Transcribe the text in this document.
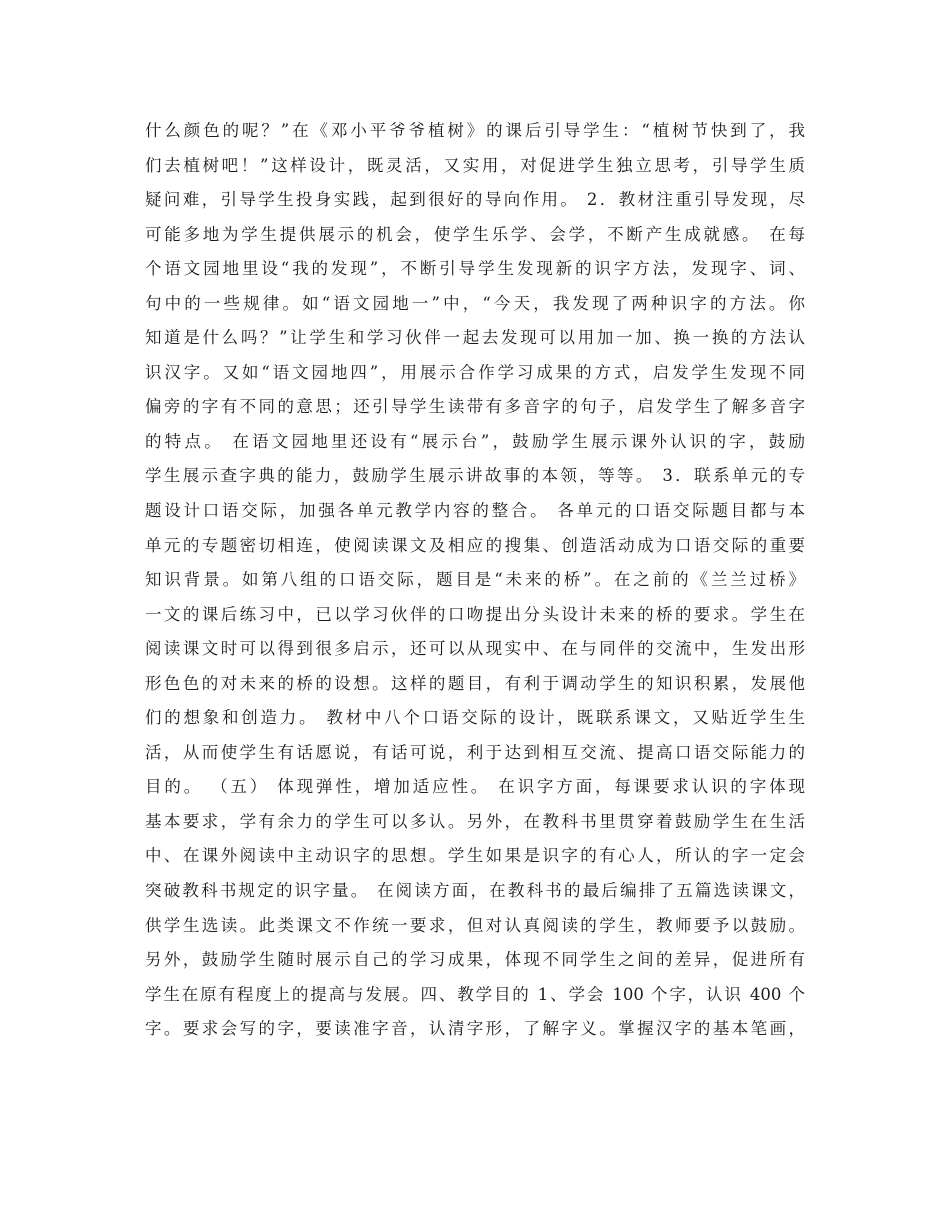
什么颜色的呢？”在《邓小平爷爷植树》的课后引导学生：“植树节快到了，我
们去植树吧！”这样设计，既灵活，又实用，对促进学生独立思考，引导学生质
疑问难，引导学生投身实践，起到很好的导向作用。 2．教材注重引导发现，尽
可能多地为学生提供展示的机会，使学生乐学、会学，不断产生成就感。 在每
个语文园地里设“我的发现”，不断引导学生发现新的识字方法，发现字、词、
句中的一些规律。如“语文园地一”中，“今天，我发现了两种识字的方法。你
知道是什么吗？”让学生和学习伙伴一起去发现可以用加一加、换一换的方法认
识汉字。又如“语文园地四”，用展示合作学习成果的方式，启发学生发现不同
偏旁的字有不同的意思；还引导学生读带有多音字的句子，启发学生了解多音字
的特点。 在语文园地里还设有“展示台”，鼓励学生展示课外认识的字，鼓励
学生展示查字典的能力，鼓励学生展示讲故事的本领，等等。 3．联系单元的专
题设计口语交际，加强各单元教学内容的整合。 各单元的口语交际题目都与本
单元的专题密切相连，使阅读课文及相应的搜集、创造活动成为口语交际的重要
知识背景。如第八组的口语交际，题目是“未来的桥”。在之前的《兰兰过桥》
一文的课后练习中，已以学习伙伴的口吻提出分头设计未来的桥的要求。学生在
阅读课文时可以得到很多启示，还可以从现实中、在与同伴的交流中，生发出形
形色色的对未来的桥的设想。这样的题目，有利于调动学生的知识积累，发展他
们的想象和创造力。 教材中八个口语交际的设计，既联系课文，又贴近学生生
活，从而使学生有话愿说，有话可说，利于达到相互交流、提高口语交际能力的
目的。 （五） 体现弹性，增加适应性。 在识字方面，每课要求认识的字体现
基本要求，学有余力的学生可以多认。另外，在教科书里贯穿着鼓励学生在生活
中、在课外阅读中主动识字的思想。学生如果是识字的有心人，所认的字一定会
突破教科书规定的识字量。 在阅读方面，在教科书的最后编排了五篇选读课文，
供学生选读。此类课文不作统一要求，但对认真阅读的学生，教师要予以鼓励。
另外，鼓励学生随时展示自己的学习成果，体现不同学生之间的差异，促进所有
学生在原有程度上的提高与发展。四、教学目的 1、学会 100 个字，认识 400 个
字。要求会写的字，要读准字音，认清字形，了解字义。掌握汉字的基本笔画，
